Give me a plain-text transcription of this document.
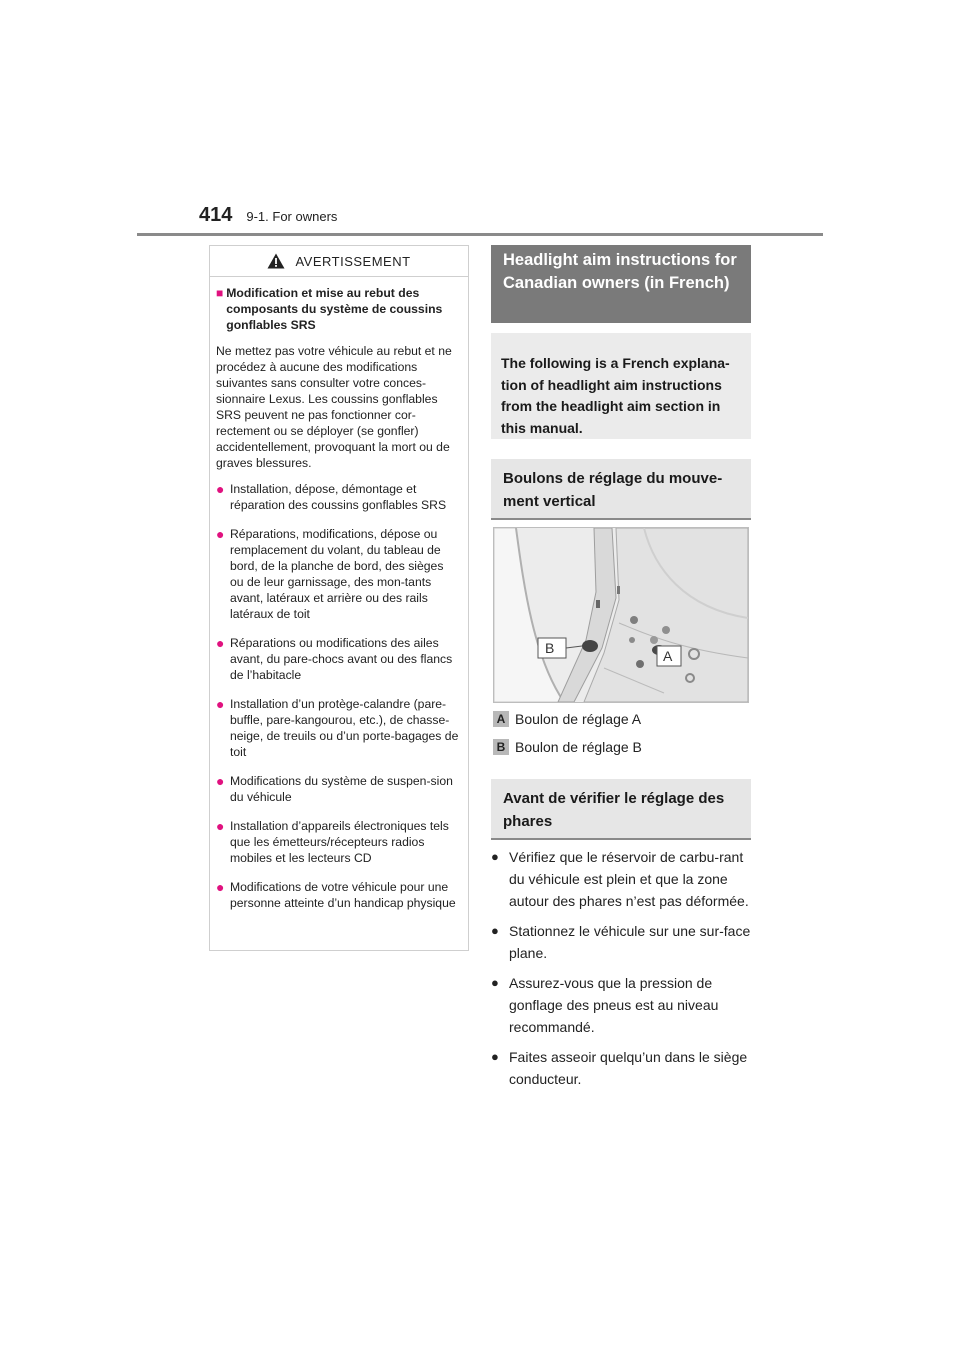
414 9-1. For owners
AVERTISSEMENT
■ Modification et mise au rebut des composants du système de coussins gonflables SRS

Ne mettez pas votre véhicule au rebut et ne procédez à aucune des modifications suivantes sans consulter votre conces-sionnaire Lexus. Les coussins gonflables SRS peuvent ne pas fonctionner cor-rectement ou se déployer (se gonfler) accidentellement, provoquant la mort ou de graves blessures.

● Installation, dépose, démontage et réparation des coussins gonflables SRS
● Réparations, modifications, dépose ou remplacement du volant, du tableau de bord, de la planche de bord, des sièges ou de leur garnissage, des mon-tants avant, latéraux et arrière ou des rails latéraux de toit
● Réparations ou modifications des ailes avant, du pare-chocs avant ou des flancs de l’habitacle
● Installation d’un protège-calandre (pare-buffle, pare-kangourou, etc.), de chasse-neige, de treuils ou d’un porte-bagages de toit
● Modifications du système de suspen-sion du véhicule
● Installation d’appareils électroniques tels que les émetteurs/récepteurs radios mobiles et les lecteurs CD
● Modifications de votre véhicule pour une personne atteinte d’un handicap physique
Headlight aim instructions for Canadian owners (in French)
The following is a French explana-tion of headlight aim instructions from the headlight aim section in this manual.
Boulons de réglage du mouve-ment vertical
B	A
A Boulon de réglage A
B Boulon de réglage B
Avant de vérifier le réglage des phares
● Vérifiez que le réservoir de carbu-rant du véhicule est plein et que la zone autour des phares n’est pas déformée.
● Stationnez le véhicule sur une sur-face plane.
● Assurez-vous que la pression de gonflage des pneus est au niveau recommandé.
● Faites asseoir quelqu’un dans le siège conducteur.
